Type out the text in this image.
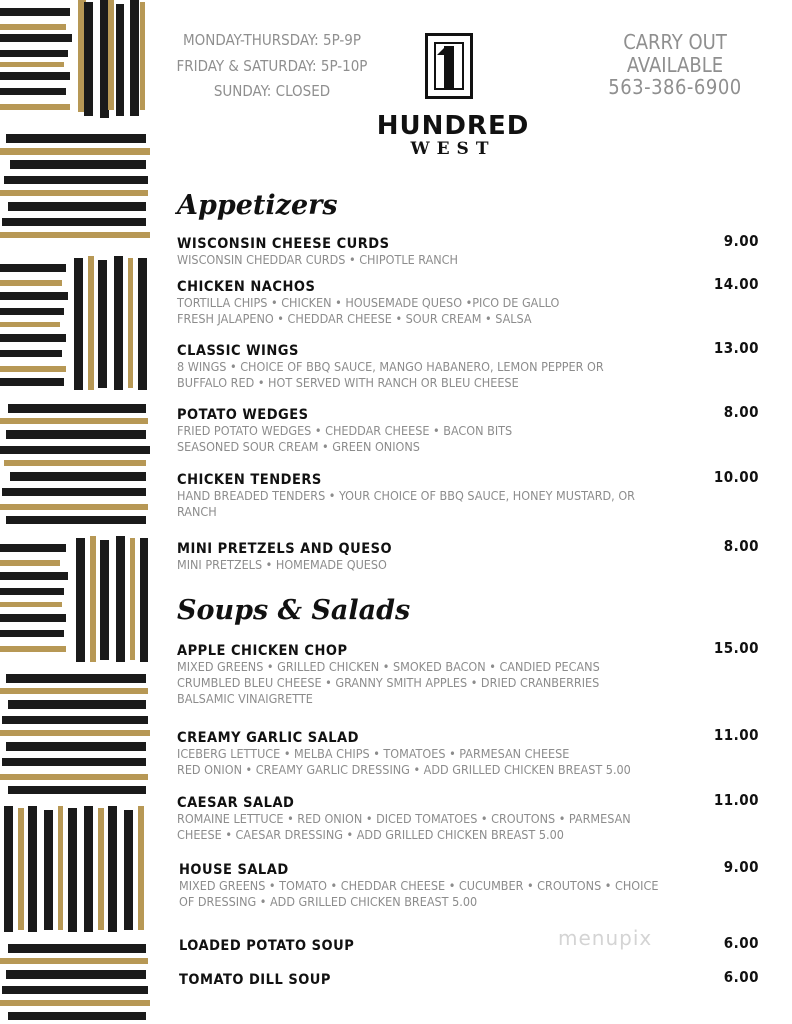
MONDAY-THURSDAY: 5P-9P
FRIDAY & SATURDAY: 5P-10P
SUNDAY: CLOSED
HUNDRED
WEST
CARRY OUT
AVAILABLE
563-386-6900
Appetizers
WISCONSIN CHEESE CURDS
WISCONSIN CHEDDAR CURDS • CHIPOTLE RANCH
9.00
CHICKEN NACHOS
TORTILLA CHIPS • CHICKEN • HOUSEMADE QUESO •PICO DE GALLO
FRESH JALAPENO • CHEDDAR CHEESE • SOUR CREAM • SALSA
14.00
CLASSIC WINGS
8 WINGS • CHOICE OF BBQ SAUCE, MANGO HABANERO, LEMON PEPPER OR
BUFFALO RED • HOT SERVED WITH RANCH OR BLEU CHEESE
13.00
POTATO WEDGES
FRIED POTATO WEDGES • CHEDDAR CHEESE • BACON BITS
SEASONED SOUR CREAM • GREEN ONIONS
8.00
CHICKEN TENDERS
HAND BREADED TENDERS • YOUR CHOICE OF BBQ SAUCE, HONEY MUSTARD, OR
RANCH
10.00
MINI PRETZELS AND QUESO
MINI PRETZELS • HOMEMADE QUESO
8.00
Soups & Salads
APPLE CHICKEN CHOP
MIXED GREENS • GRILLED CHICKEN • SMOKED BACON • CANDIED PECANS
CRUMBLED BLEU CHEESE • GRANNY SMITH APPLES • DRIED CRANBERRIES
BALSAMIC VINAIGRETTE
15.00
CREAMY GARLIC SALAD
ICEBERG LETTUCE • MELBA CHIPS • TOMATOES • PARMESAN CHEESE
RED ONION • CREAMY GARLIC DRESSING • ADD GRILLED CHICKEN BREAST 5.00
11.00
CAESAR SALAD
ROMAINE LETTUCE • RED ONION • DICED TOMATOES • CROUTONS • PARMESAN
CHEESE • CAESAR DRESSING • ADD GRILLED CHICKEN BREAST 5.00
11.00
HOUSE SALAD
MIXED GREENS • TOMATO • CHEDDAR CHEESE • CUCUMBER • CROUTONS • CHOICE
OF DRESSING • ADD GRILLED CHICKEN BREAST 5.00
9.00
LOADED POTATO SOUP	6.00
TOMATO DILL SOUP	6.00
menupix
